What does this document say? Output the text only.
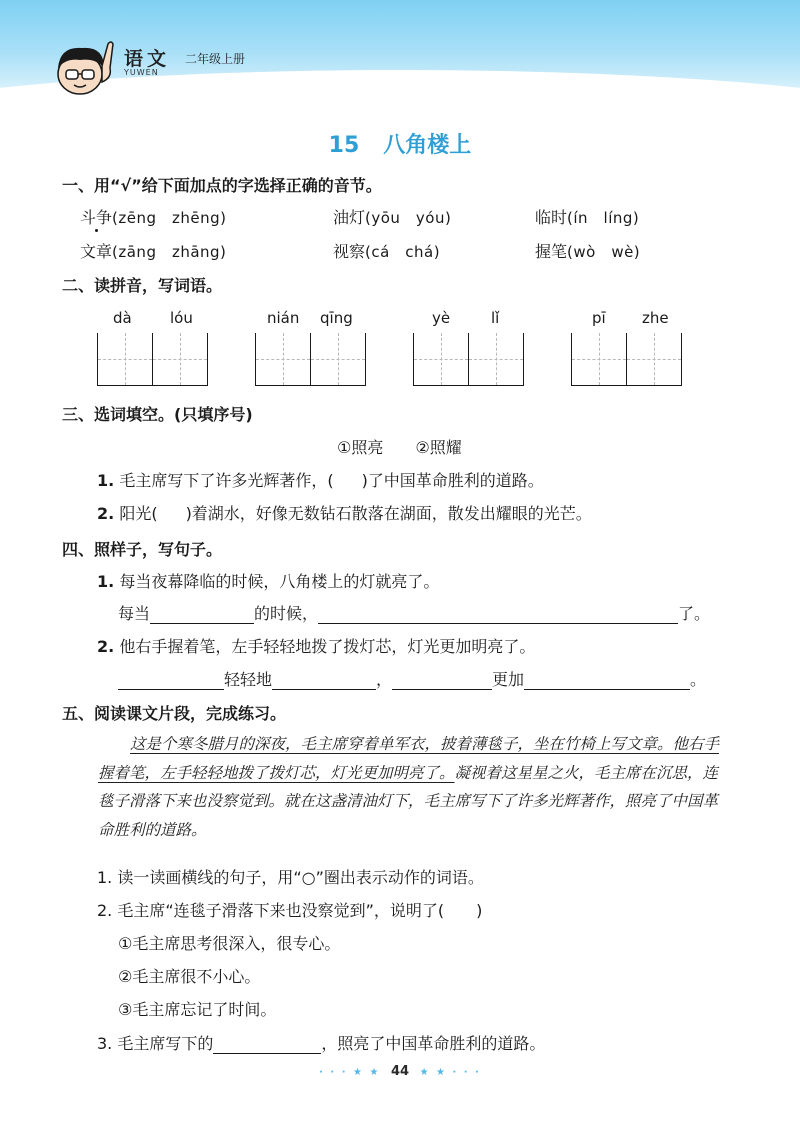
语文
YUWEN
二年级上册
15 八角楼上
一、用“√”给下面加点的字选择正确的音节。
斗争(zēng　zhēng)	油灯(yōu　yóu)	临时(ín　líng)
文章(zāng　zhāng)	视察(cá　chá)	握笔(wò　wè)
二、读拼音，写词语。
dà	lóu	nián qīng	yè	lǐ	pī zhe
三、选词填空。(只填序号)
①照亮　　②照耀
1. 毛主席写下了许多光辉著作，( )了中国革命胜利的道路。
2. 阳光( )着湖水，好像无数钻石散落在湖面，散发出耀眼的光芒。
四、照样子，写句子。
1. 每当夜幕降临的时候，八角楼上的灯就亮了。
每当	的时候，	了。
2. 他右手握着笔，左手轻轻地拨了拨灯芯，灯光更加明亮了。
轻轻地	，	更加	。
五、阅读课文片段，完成练习。
这是个寒冬腊月的深夜，毛主席穿着单军衣，披着薄毯子，坐在竹椅上写文章。他右手握着笔，左手轻轻地拨了拨灯芯，灯光更加明亮了。凝视着这星星之火，毛主席在沉思，连毯子滑落下来也没察觉到。就在这盏清油灯下，毛主席写下了许多光辉著作，照亮了中国革命胜利的道路。
1. 读一读画横线的句子，用“○”圈出表示动作的词语。
2. 毛主席“连毯子滑落下来也没察觉到”，说明了(　　)
①毛主席思考很深入，很专心。
②毛主席很不小心。
③毛主席忘记了时间。
3. 毛主席写下的	，照亮了中国革命胜利的道路。
· · · ★ ★ 44 ★ ★ · · ·
